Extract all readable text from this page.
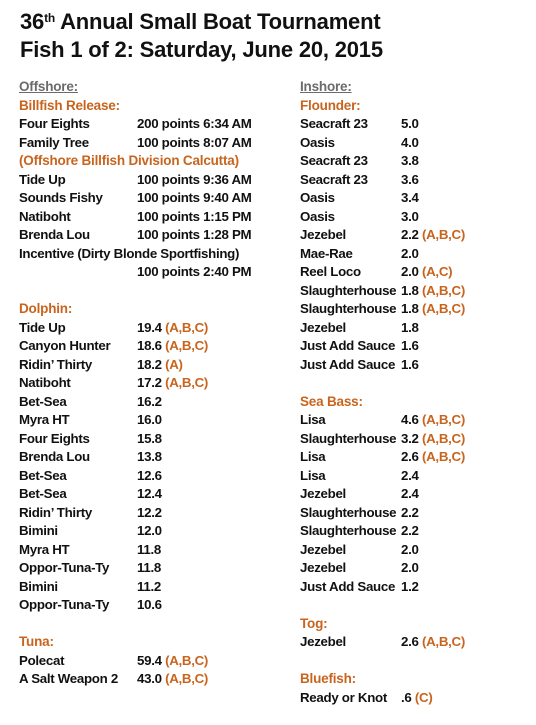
36th Annual Small Boat Tournament
Fish 1 of 2: Saturday, June 20, 2015
Offshore:
Billfish Release:
Four Eights	200 points 6:34 AM
Family Tree	100 points 8:07 AM
(Offshore Billfish Division Calcutta)
Tide Up	100 points 9:36 AM
Sounds Fishy	100 points 9:40 AM
Natiboht	100 points 1:15 PM
Brenda Lou	100 points 1:28 PM
Incentive (Dirty Blonde Sportfishing)
100 points 2:40 PM
Dolphin:
Tide Up	19.4 (A,B,C)
Canyon Hunter 18.6 (A,B,C)
Ridin’ Thirty	18.2 (A)
Natiboht	17.2 (A,B,C)
Bet-Sea	16.2
Myra HT	16.0
Four Eights	15.8
Brenda Lou	13.8
Bet-Sea	12.6
Bet-Sea	12.4
Ridin’ Thirty	12.2
Bimini	12.0
Myra HT	11.8
Oppor-Tuna-Ty 11.8
Bimini	11.2
Oppor-Tuna-Ty 10.6
Tuna:
Polecat	59.4 (A,B,C)
A Salt Weapon 2 43.0 (A,B,C)
Inshore:
Flounder:
Seacraft 23	5.0
Oasis	4.0
Seacraft 23	3.8
Seacraft 23	3.6
Oasis	3.4
Oasis	3.0
Jezebel	2.2 (A,B,C)
Mae-Rae	2.0
Reel Loco	2.0 (A,C)
Slaughterhouse 1.8 (A,B,C)
Slaughterhouse 1.8 (A,B,C)
Jezebel	1.8
Just Add Sauce 1.6
Just Add Sauce 1.6
Sea Bass:
Lisa	4.6 (A,B,C)
Slaughterhouse 3.2 (A,B,C)
Lisa	2.6 (A,B,C)
Lisa	2.4
Jezebel	2.4
Slaughterhouse 2.2
Slaughterhouse 2.2
Jezebel	2.0
Jezebel	2.0
Just Add Sauce 1.2
Tog:
Jezebel	2.6 (A,B,C)
Bluefish:
Ready or Knot .6 (C)
